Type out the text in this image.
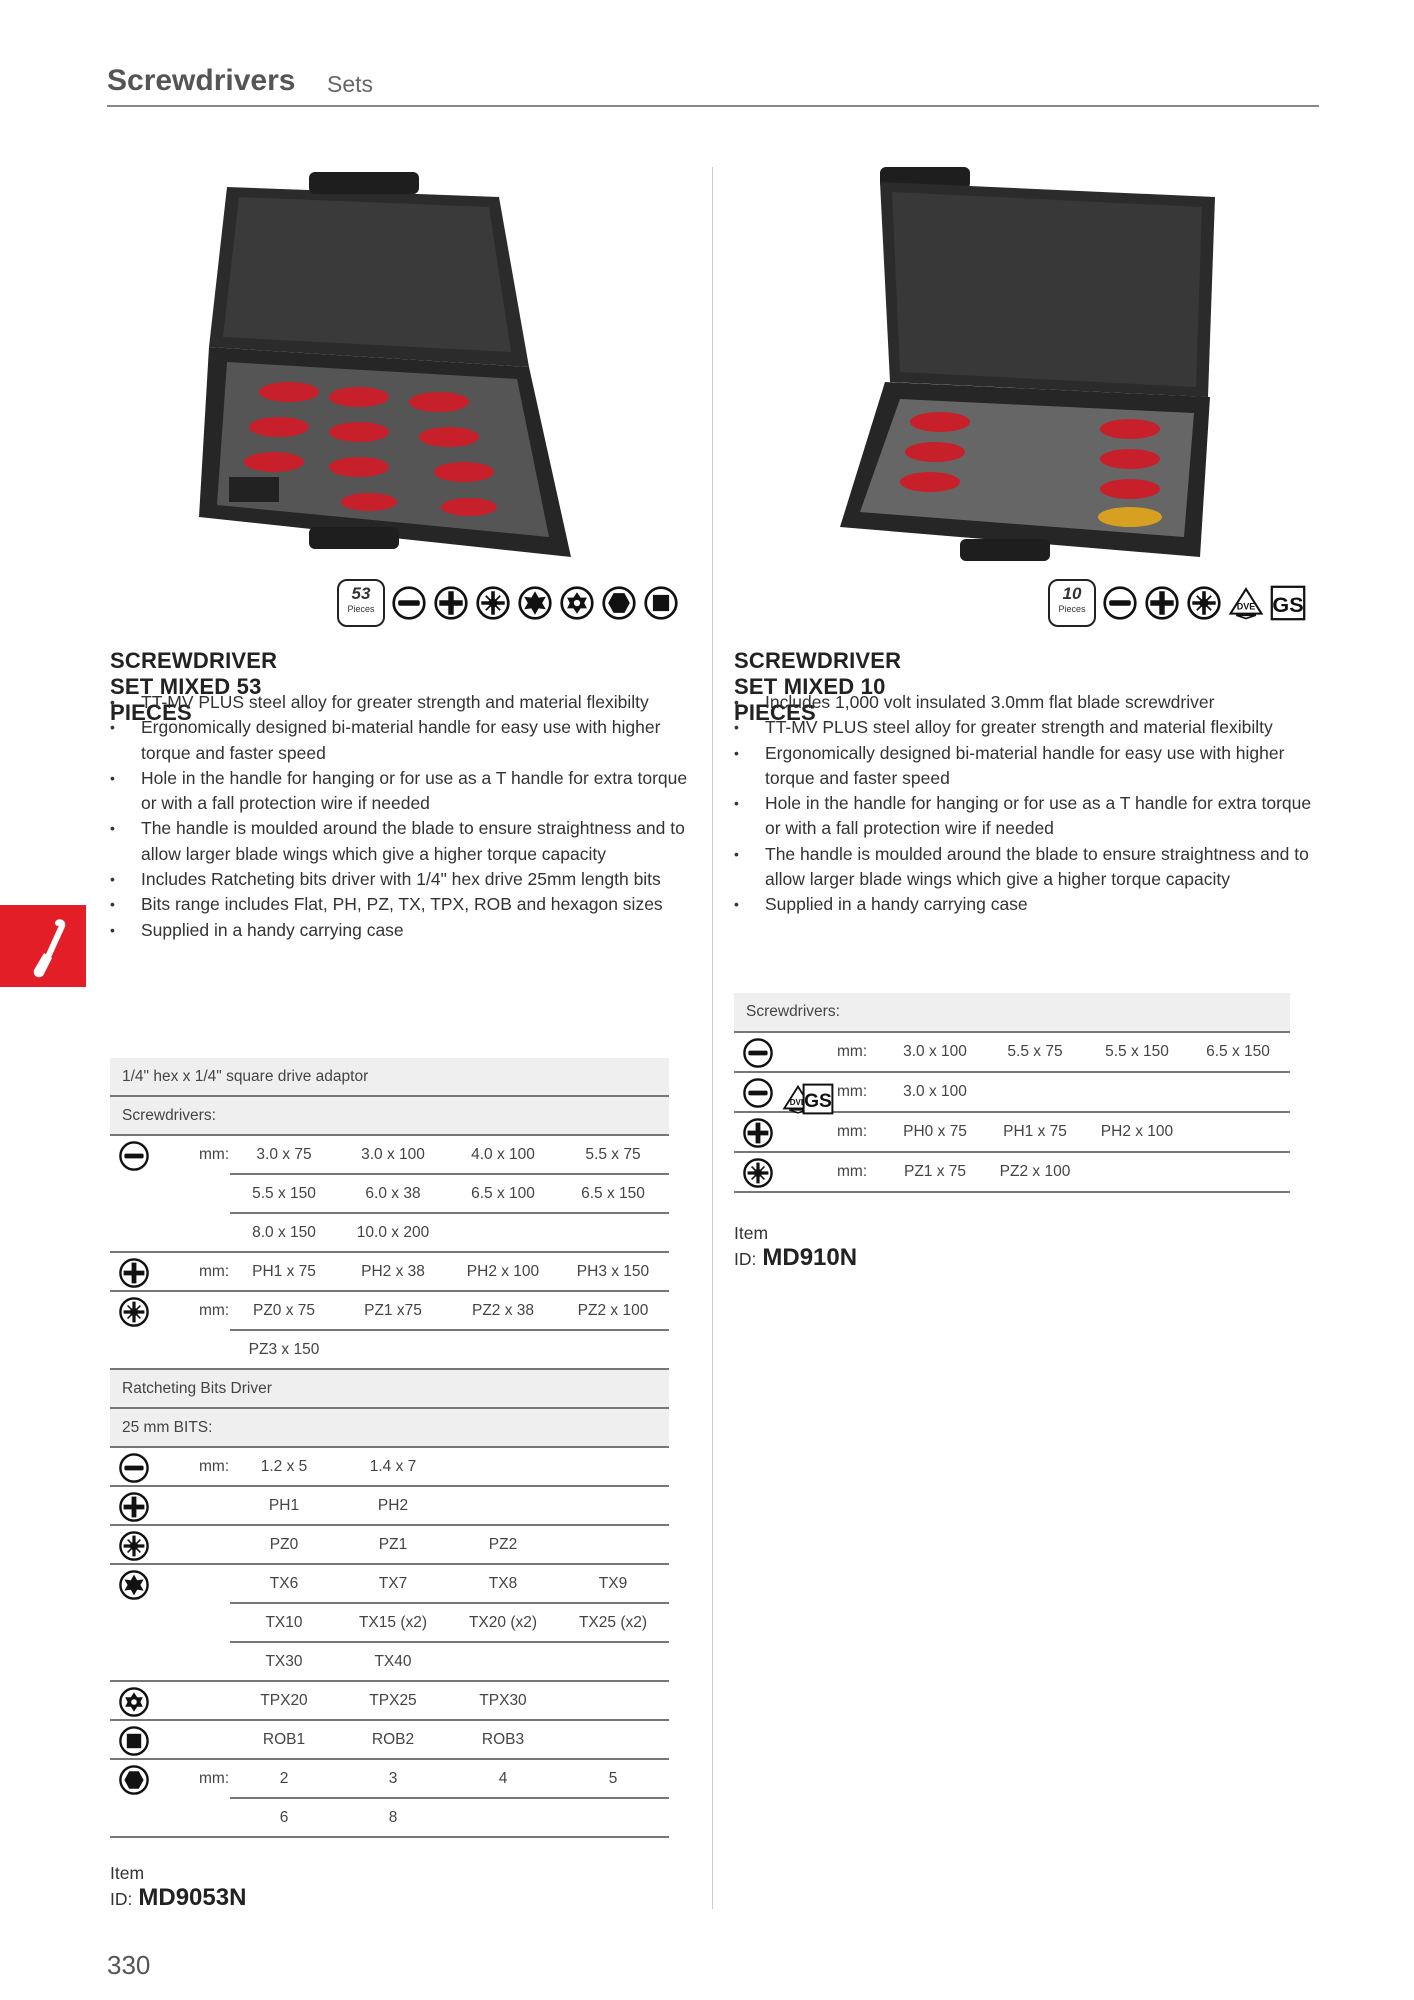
Screwdrivers Sets
53
Pieces
SCREWDRIVER SET MIXED 53 PIECES
• TT-MV PLUS steel alloy for greater strength and material flexibilty
• Ergonomically designed bi-material handle for easy use with higher torque and faster speed
• Hole in the handle for hanging or for use as a T handle for extra torque or with a fall protection wire if needed
• The handle is moulded around the blade to ensure straightness and to allow larger blade wings which give a higher torque capacity
• Includes Ratcheting bits driver with 1/4" hex drive 25mm length bits
• Bits range includes Flat, PH, PZ, TX, TPX, ROB and hexagon sizes
• Supplied in a handy carrying case
1/4" hex x 1/4" square drive adaptor
Screwdrivers:
mm:	3.0 x 75	3.0 x 100	4.0 x 100	5.5 x 75
5.5 x 150	6.0 x 38	6.5 x 100	6.5 x 150
8.0 x 150	10.0 x 200
mm:	PH1 x 75	PH2 x 38	PH2 x 100	PH3 x 150
mm:	PZ0 x 75	PZ1 x75	PZ2 x 38	PZ2 x 100
PZ3 x 150
Ratcheting Bits Driver
25 mm BITS:
mm:	1.2 x 5	1.4 x 7
PH1	PH2
PZ0	PZ1	PZ2
TX6	TX7	TX8	TX9
TX10	TX15 (x2)	TX20 (x2)	TX25 (x2)
TX30	TX40
TPX20	TPX25	TPX30
ROB1	ROB2	ROB3
mm:	2	3	4	5
6	8
Item ID: MD9053N
10
Pieces
SCREWDRIVER SET MIXED 10 PIECES
• Includes 1,000 volt insulated 3.0mm flat blade screwdriver
• TT-MV PLUS steel alloy for greater strength and material flexibilty
• Ergonomically designed bi-material handle for easy use with higher torque and faster speed
• Hole in the handle for hanging or for use as a T handle for extra torque or with a fall protection wire if needed
• The handle is moulded around the blade to ensure straightness and to allow larger blade wings which give a higher torque capacity
• Supplied in a handy carrying case
Screwdrivers:
mm:	3.0 x 100	5.5 x 75	5.5 x 150	6.5 x 150
mm:	3.0 x 100
mm:	PH0 x 75	PH1 x 75	PH2 x 100
mm:	PZ1 x 75	PZ2 x 100
Item ID: MD910N
330
